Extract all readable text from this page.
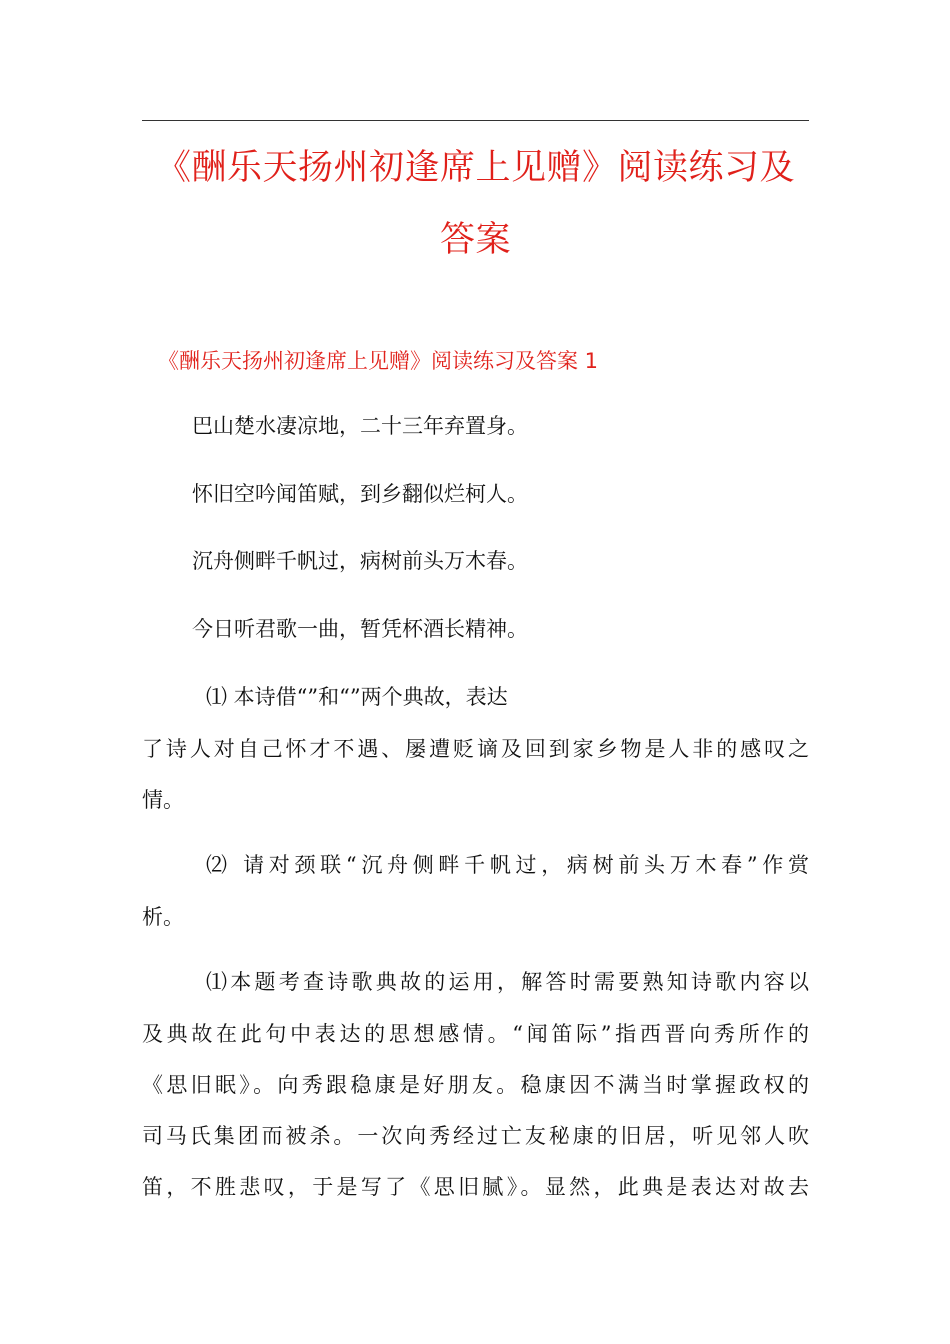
《酬乐天扬州初逢席上见赠》阅读练习及
答案
《酬乐天扬州初逢席上见赠》阅读练习及答案 1

巴山楚水凄凉地，二十三年弃置身。

怀旧空吟闻笛赋，到乡翻似烂柯人。

沉舟侧畔千帆过，病树前头万木春。

今日听君歌一曲，暂凭杯酒长精神。

⑴ 本诗借“”和“”两个典故，表达

了诗人对自己怀才不遇、屡遭贬谪及回到家乡物是人非的感叹之

情。

⑵ 请对颈联“沉舟侧畔千帆过，病树前头万木春”作赏

析。

⑴本题考查诗歌典故的运用，解答时需要熟知诗歌内容以

及典故在此句中表达的思想感情。“闻笛际”指西晋向秀所作的

《思旧眠》。向秀跟稳康是好朋友。稳康因不满当时掌握政权的

司马氏集团而被杀。一次向秀经过亡友秘康的旧居，听见邻人吹

笛，不胜悲叹，于是写了《思旧腻》。显然，此典是表达对故去
